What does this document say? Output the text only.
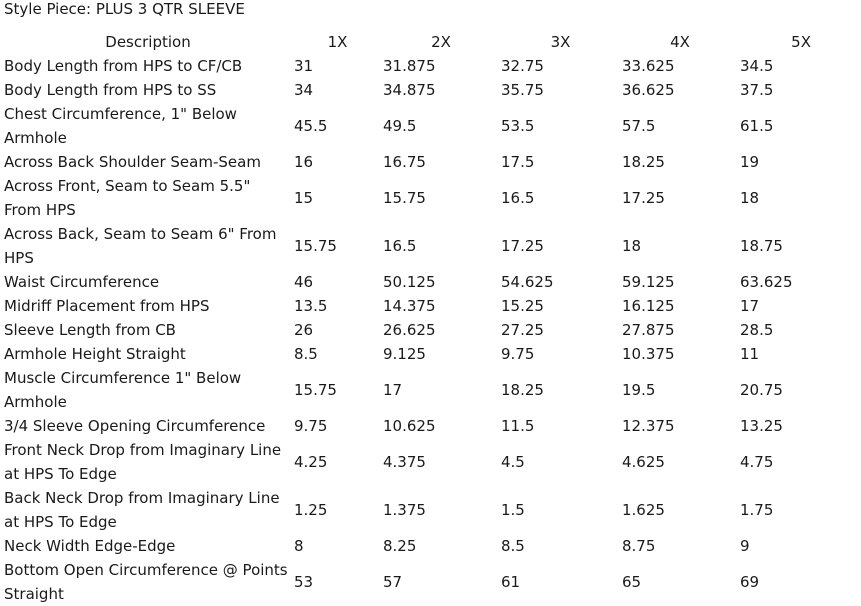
Style Piece: PLUS 3 QTR SLEEVE
Description	1X	2X	3X	4X	5X
Body Length from HPS to CF/CB	31	31.875	32.75	33.625	34.5
Body Length from HPS to SS	34	34.875	35.75	36.625	37.5
Chest Circumference, 1" Below Armhole	45.5	49.5	53.5	57.5	61.5
Across Back Shoulder Seam-Seam	16	16.75	17.5	18.25	19
Across Front, Seam to Seam 5.5" From HPS	15	15.75	16.5	17.25	18
Across Back, Seam to Seam 6" From HPS	15.75	16.5	17.25	18	18.75
Waist Circumference	46	50.125	54.625	59.125	63.625
Midriff Placement from HPS	13.5	14.375	15.25	16.125	17
Sleeve Length from CB	26	26.625	27.25	27.875	28.5
Armhole Height Straight	8.5	9.125	9.75	10.375	11
Muscle Circumference 1" Below Armhole	15.75	17	18.25	19.5	20.75
3/4 Sleeve Opening Circumference	9.75	10.625	11.5	12.375	13.25
Front Neck Drop from Imaginary Line at HPS To Edge	4.25	4.375	4.5	4.625	4.75
Back Neck Drop from Imaginary Line at HPS To Edge	1.25	1.375	1.5	1.625	1.75
Neck Width Edge-Edge	8	8.25	8.5	8.75	9
Bottom Open Circumference @ Points Straight	53	57	61	65	69
